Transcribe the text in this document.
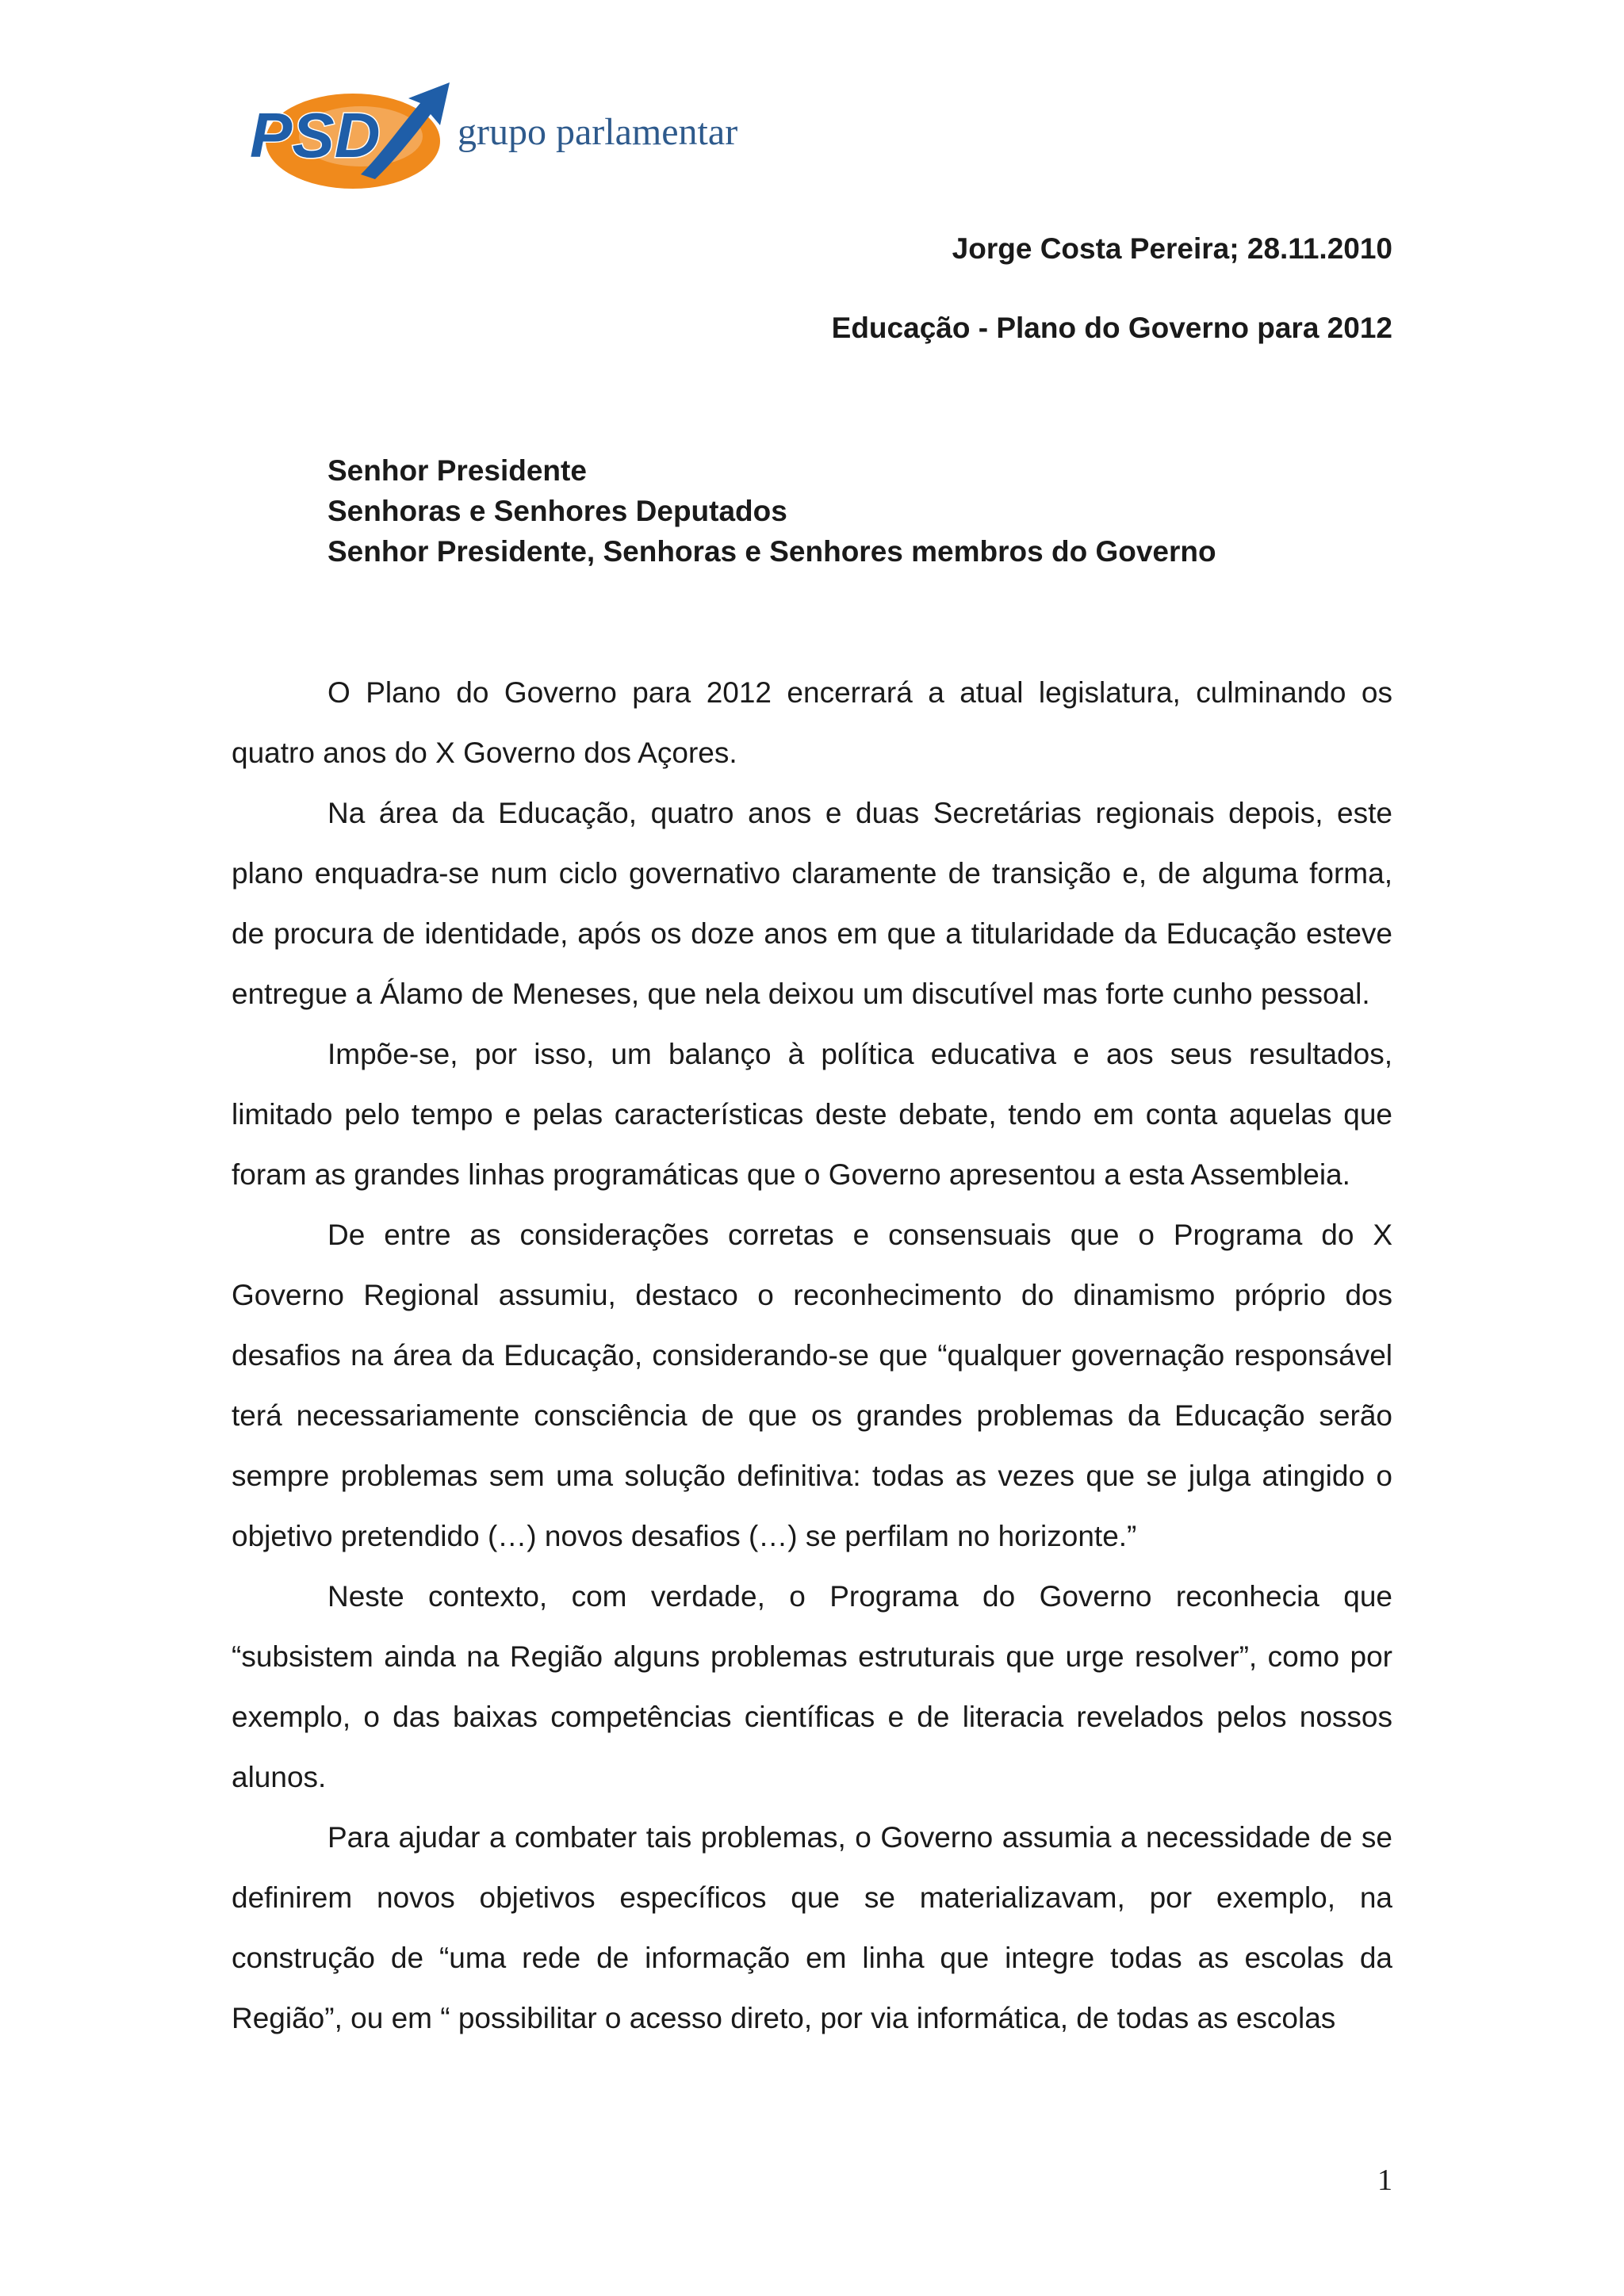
PSD grupo parlamentar
Jorge Costa Pereira; 28.11.2010
Educação - Plano do Governo para 2012
Senhor Presidente
Senhoras e Senhores Deputados
Senhor Presidente, Senhoras e Senhores membros do Governo

O Plano do Governo para 2012 encerrará a atual legislatura, culminando os quatro anos do X Governo dos Açores.

Na área da Educação, quatro anos e duas Secretárias regionais depois, este plano enquadra-se num ciclo governativo claramente de transição e, de alguma forma, de procura de identidade, após os doze anos em que a titularidade da Educação esteve entregue a Álamo de Meneses, que nela deixou um discutível mas forte cunho pessoal.

Impõe-se, por isso, um balanço à política educativa e aos seus resultados, limitado pelo tempo e pelas características deste debate, tendo em conta aquelas que foram as grandes linhas programáticas que o Governo apresentou a esta Assembleia.

De entre as considerações corretas e consensuais que o Programa do X Governo Regional assumiu, destaco o reconhecimento do dinamismo próprio dos desafios na área da Educação, considerando-se que “qualquer governação responsável terá necessariamente consciência de que os grandes problemas da Educação serão sempre problemas sem uma solução definitiva: todas as vezes que se julga atingido o objetivo pretendido (…) novos desafios (…) se perfilam no horizonte.”

Neste contexto, com verdade, o Programa do Governo reconhecia que “subsistem ainda na Região alguns problemas estruturais que urge resolver”, como por exemplo, o das baixas competências científicas e de literacia revelados pelos nossos alunos.

Para ajudar a combater tais problemas, o Governo assumia a necessidade de se definirem novos objetivos específicos que se materializavam, por exemplo, na construção de “uma rede de informação em linha que integre todas as escolas da Região”, ou em “ possibilitar o acesso direto, por via informática, de todas as escolas

1
